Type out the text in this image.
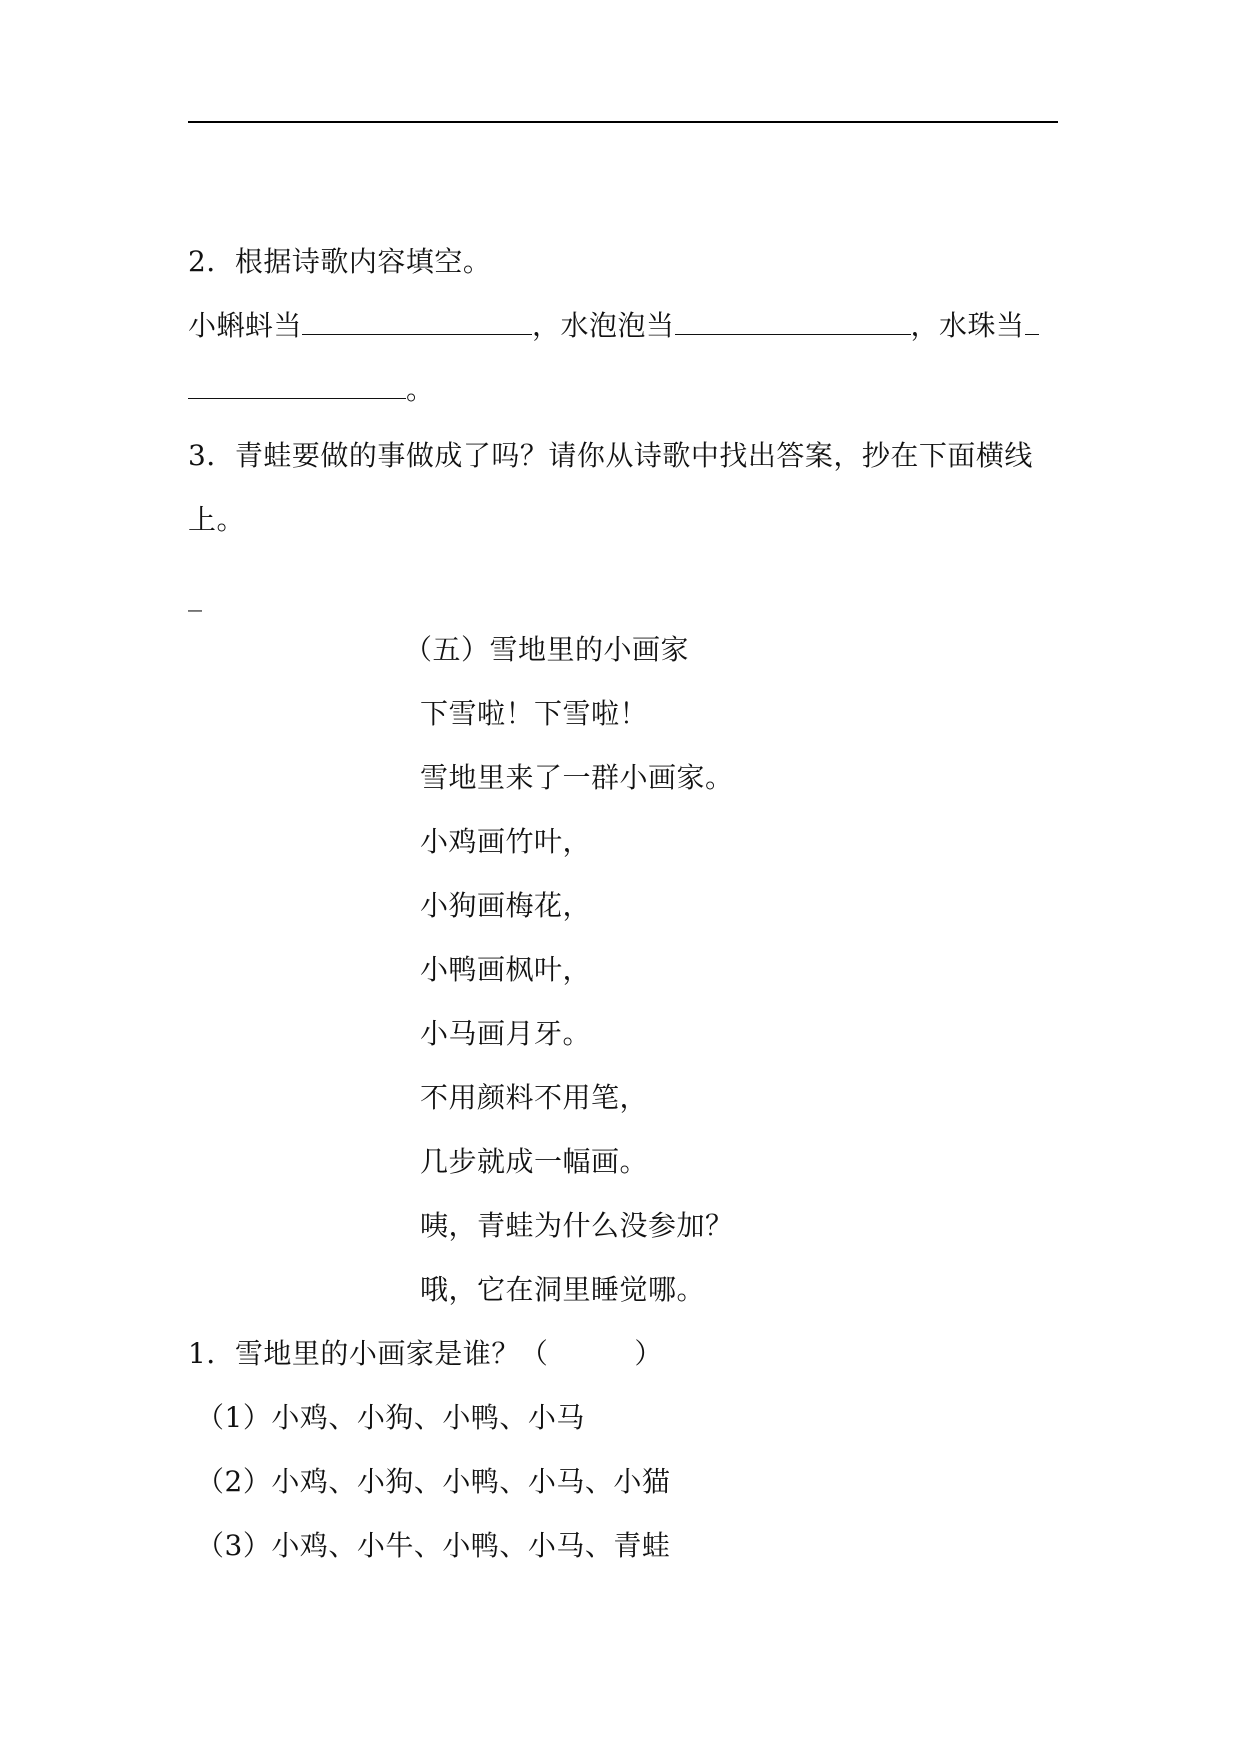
2．根据诗歌内容填空。
小蝌蚪当	，水泡泡当	，水珠当
。
3．青蛙要做的事做成了吗？请你从诗歌中找出答案，抄在下面横线
上。
_
（五）雪地里的小画家
下雪啦！下雪啦！
雪地里来了一群小画家。
小鸡画竹叶，
小狗画梅花，
小鸭画枫叶，
小马画月牙。
不用颜料不用笔，
几步就成一幅画。
咦，青蛙为什么没参加？
哦，它在洞里睡觉哪。
1．雪地里的小画家是谁？（	）
（1）小鸡、小狗、小鸭、小马
（2）小鸡、小狗、小鸭、小马、小猫
（3）小鸡、小牛、小鸭、小马、青蛙
